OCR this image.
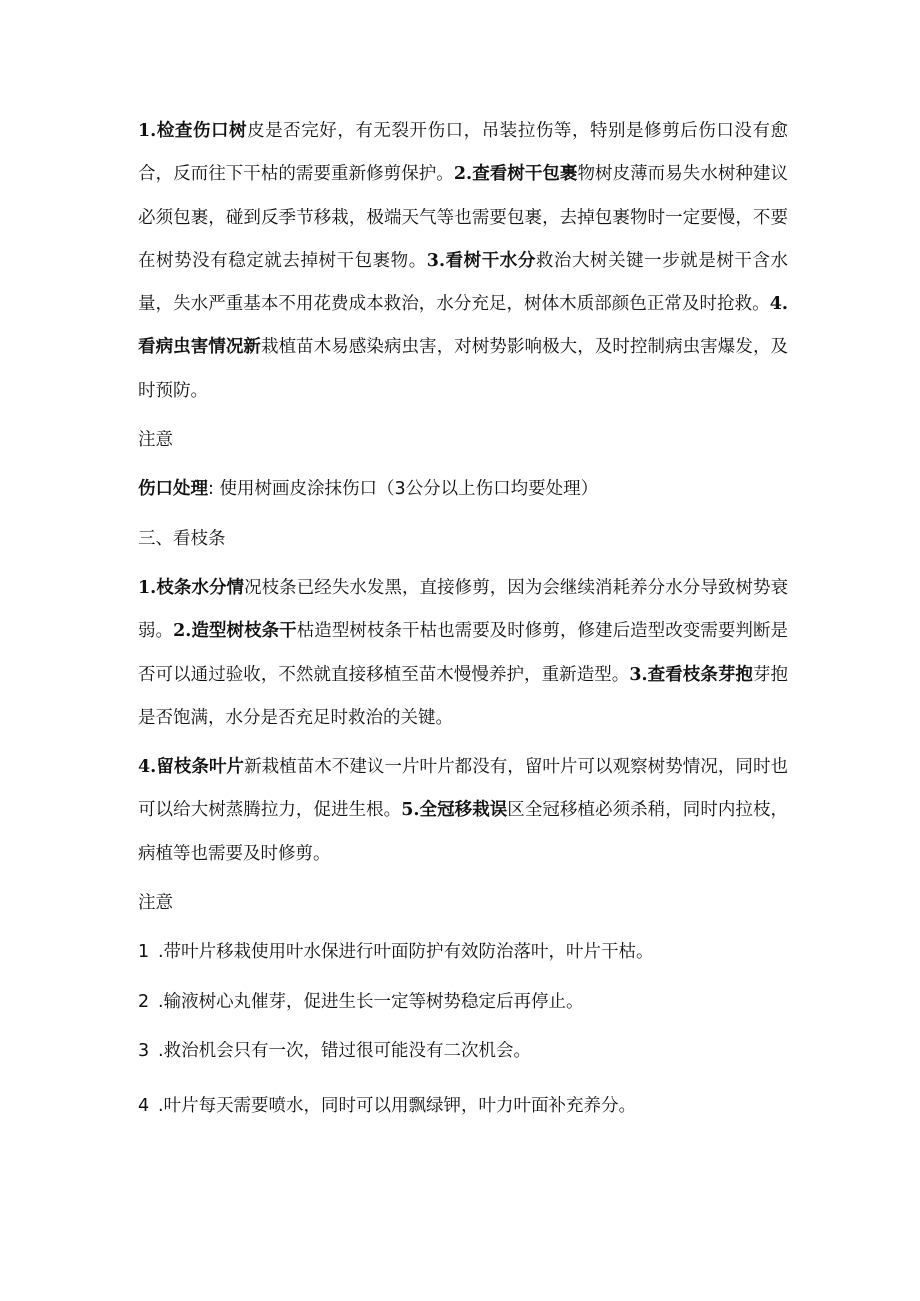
1.检查伤口树皮是否完好，有无裂开伤口，吊装拉伤等，特别是修剪后伤口没有愈合，反而往下干枯的需要重新修剪保护。2.查看树干包裹物树皮薄而易失水树种建议必须包裹，碰到反季节移栽，极端天气等也需要包裹，去掉包裹物时一定要慢，不要在树势没有稳定就去掉树干包裹物。3.看树干水分救治大树关键一步就是树干含水量，失水严重基本不用花费成本救治，水分充足，树体木质部颜色正常及时抢救。4.看病虫害情况新栽植苗木易感染病虫害，对树势影响极大，及时控制病虫害爆发，及时预防。

注意

伤口处理: 使用树画皮涂抹伤口（3公分以上伤口均要处理）

三、看枝条

1.枝条水分情况枝条已经失水发黑，直接修剪，因为会继续消耗养分水分导致树势衰弱。2.造型树枝条干枯造型树枝条干枯也需要及时修剪，修建后造型改变需要判断是否可以通过验收，不然就直接移植至苗木慢慢养护，重新造型。3.查看枝条芽抱芽抱是否饱满，水分是否充足时救治的关键。

4.留枝条叶片新栽植苗木不建议一片叶片都没有，留叶片可以观察树势情况，同时也可以给大树蒸腾拉力，促进生根。5.全冠移栽误区全冠移植必须杀稍，同时内拉枝，病植等也需要及时修剪。

注意

1 .带叶片移栽使用叶水保进行叶面防护有效防治落叶，叶片干枯。
2 .输液树心丸催芽，促进生长一定等树势稳定后再停止。
3 .救治机会只有一次，错过很可能没有二次机会。
4 .叶片每天需要喷水，同时可以用飘绿钾，叶力叶面补充养分。
